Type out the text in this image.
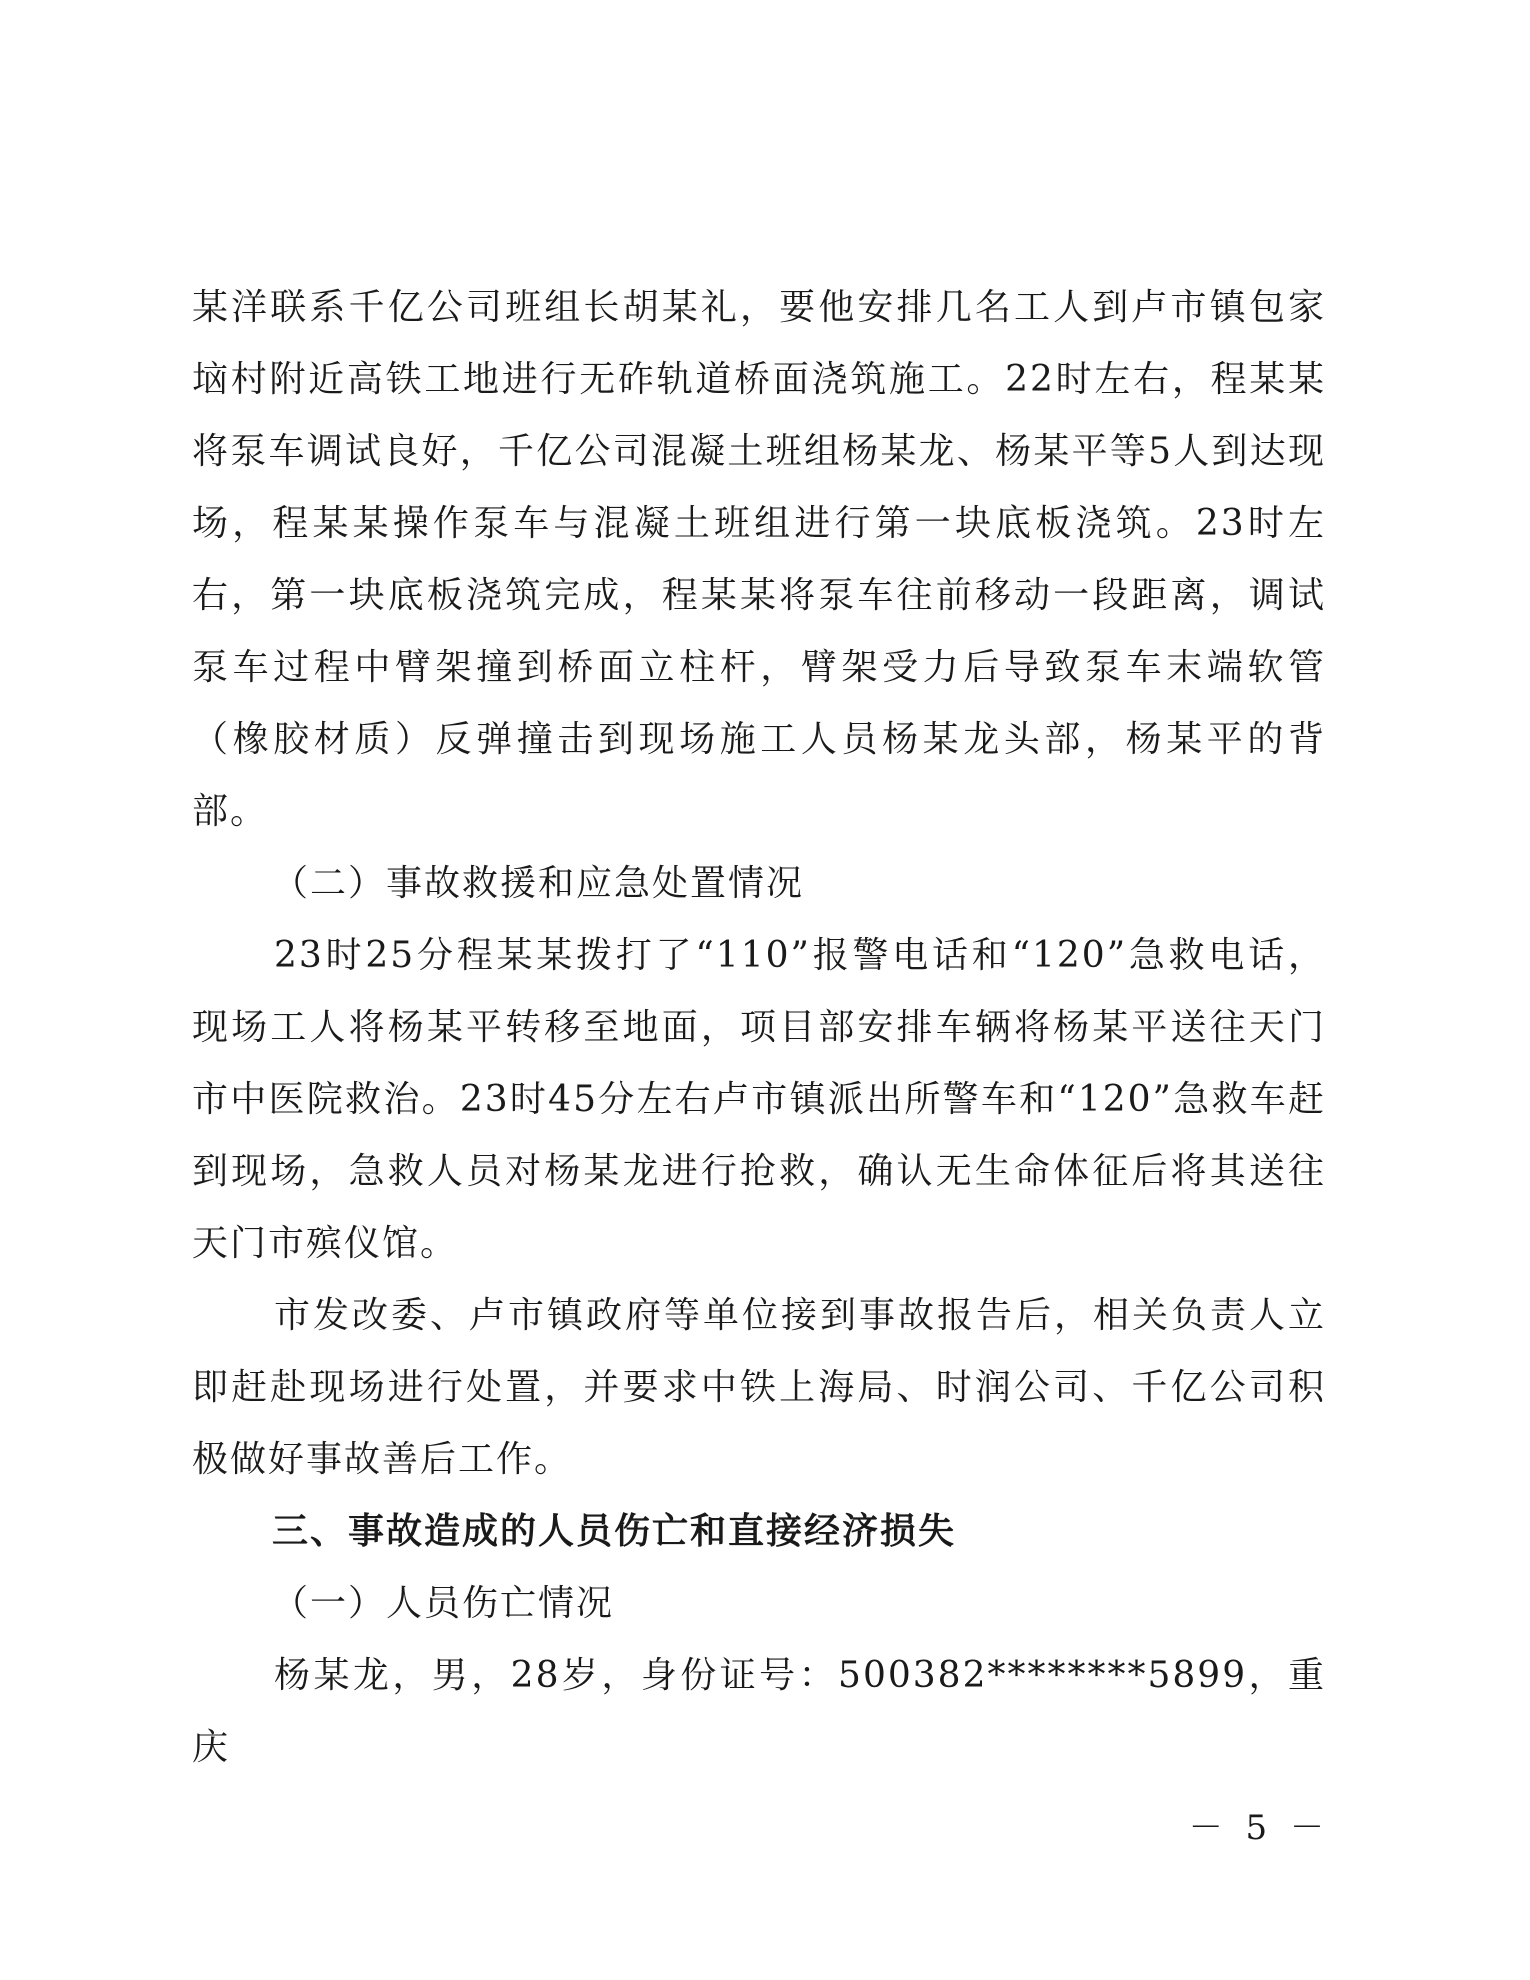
某洋联系千亿公司班组长胡某礼，要他安排几名工人到卢市镇包家垴村附近高铁工地进行无砟轨道桥面浇筑施工。22时左右，程某某将泵车调试良好，千亿公司混凝土班组杨某龙、杨某平等5人到达现场，程某某操作泵车与混凝土班组进行第一块底板浇筑。23时左右，第一块底板浇筑完成，程某某将泵车往前移动一段距离，调试泵车过程中臂架撞到桥面立柱杆，臂架受力后导致泵车末端软管（橡胶材质）反弹撞击到现场施工人员杨某龙头部，杨某平的背部。

（二）事故救援和应急处置情况

23时25分程某某拨打了“110”报警电话和“120”急救电话，现场工人将杨某平转移至地面，项目部安排车辆将杨某平送往天门市中医院救治。23时45分左右卢市镇派出所警车和“120”急救车赶到现场，急救人员对杨某龙进行抢救，确认无生命体征后将其送往天门市殡仪馆。

市发改委、卢市镇政府等单位接到事故报告后，相关负责人立即赶赴现场进行处置，并要求中铁上海局、时润公司、千亿公司积极做好事故善后工作。

三、事故造成的人员伤亡和直接经济损失

（一）人员伤亡情况

杨某龙，男，28岁，身份证号：500382********5899，重庆

－ 5 －
